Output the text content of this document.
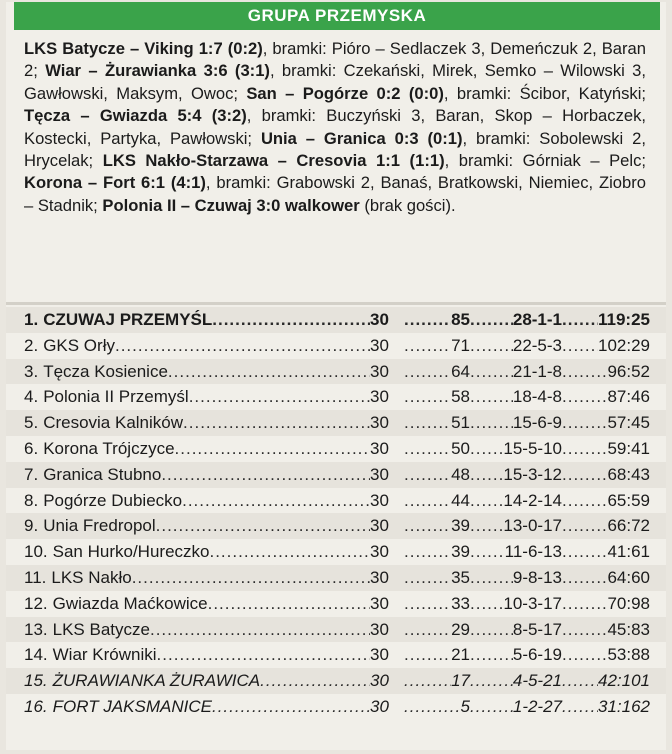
GRUPA PRZEMYSKA
LKS Batycze – Viking 1:7 (0:2), bramki: Pióro – Sedlaczek 3, Demeńczuk 2, Baran 2; Wiar – Żurawianka 3:6 (3:1), bramki: Czekański, Mirek, Semko – Wilowski 3, Gawłowski, Maksym, Owoc; San – Pogórze 0:2 (0:0), bramki: Ścibor, Katyński; Tęcza – Gwiazda 5:4 (3:2), bramki: Buczyński 3, Baran, Skop – Horbaczek, Kostecki, Partyka, Pawłowski; Unia – Granica 0:3 (0:1), bramki: Sobolewski 2, Hrycelak; LKS Nakło-Starzawa – Cresovia 1:1 (1:1), bramki: Górniak – Pelc; Korona – Fort 6:1 (4:1), bramki: Grabowski 2, Banaś, Bratkowski, Niemiec, Ziobro – Stadnik; Polonia II – Czuwaj 3:0 walkower (brak gości).
1. CZUWAJ PRZEMYŚL .....	30 .....	85 .....	28-1-1 ..... 119:25
2. GKS Orły .....	30 .....	71 .....	22-5-3 ..... 102:29
3. Tęcza Kosienice .....	30 .....	64 .....	21-1-8 .....	96:52
4. Polonia II Przemyśl .....	30 .....	58 .....	18-4-8 .....	87:46
5. Cresovia Kalników .....	30 .....	51 .....	15-6-9 .....	57:45
6. Korona Trójczyce .....	30 .....	50 ..... 15-5-10 .....	59:41
7. Granica Stubno .....	30 .....	48 ..... 15-3-12 .....	68:43
8. Pogórze Dubiecko .....	30 .....	44 ..... 14-2-14 .....	65:59
9. Unia Fredropol .....	30 .....	39 ..... 13-0-17 .....	66:72
10. San Hurko/Hureczko .....	30 .....	39 ..... 11-6-13 .....	41:61
11. LKS Nakło .....	30 .....	35 .....	9-8-13 .....	64:60
12. Gwiazda Maćkowice .....	30 .....	33 ..... 10-3-17 .....	70:98
13. LKS Batycze .....	30 .....	29 .....	8-5-17 .....	45:83
14. Wiar Krówniki .....	30 .....	21 .....	5-6-19 .....	53:88
15. ŻURAWIANKA ŻURAWICA .....	30 .....	17 .....	4-5-21 ..... 42:101
16. FORT JAKSMANICE .....	30 .....	5 .....	1-2-27 ..... 31:162
